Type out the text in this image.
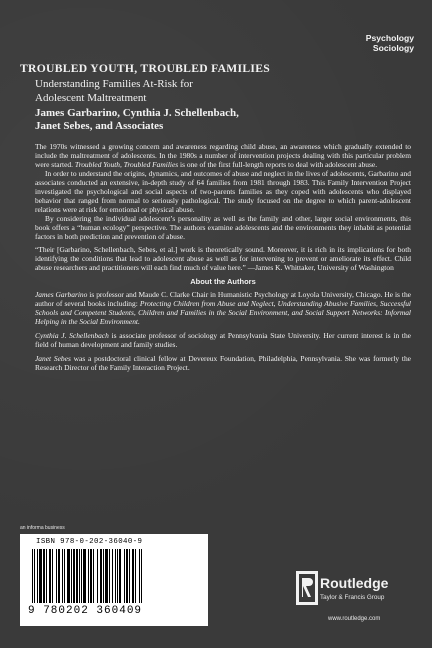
Psychology
Sociology
TROUBLED YOUTH, TROUBLED FAMILIES
Understanding Families At-Risk for
Adolescent Maltreatment
James Garbarino, Cynthia J. Schellenbach,
Janet Sebes, and Associates

The 1970s witnessed a growing concern and awareness regarding child abuse, an awareness which gradually extended to include the maltreatment of adolescents. In the 1980s a number of intervention projects dealing with this particular problem were started. Troubled Youth, Troubled Families is one of the first full-length reports to deal with adolescent abuse.

In order to understand the origins, dynamics, and outcomes of abuse and neglect in the lives of adolescents, Garbarino and associates conducted an extensive, in-depth study of 64 families from 1981 through 1983. This Family Intervention Project investigated the psychological and social aspects of two-parents families as they coped with adolescents who displayed behavior that ranged from normal to seriously pathological. The study focused on the degree to which parent-adolescent relations were at risk for emotional or physical abuse.

By considering the individual adolescent’s personality as well as the family and other, larger social environments, this book offers a “human ecology” perspective. The authors examine adolescents and the environments they inhabit as potential factors in both prediction and prevention of abuse.

“Their [Garbarino, Schellenbach, Sebes, et al.] work is theoretically sound. Moreover, it is rich in its implications for both identifying the conditions that lead to adolescent abuse as well as for intervening to prevent or ameliorate its effect. Child abuse researchers and practitioners will each find much of value here.” —James K. Whittaker, University of Washington

About the Authors

James Garbarino is professor and Maude C. Clarke Chair in Humanistic Psychology at Loyola University, Chicago. He is the author of several books including: Protecting Children from Abuse and Neglect, Understanding Abusive Families, Successful Schools and Competent Students, Children and Families in the Social Environment, and Social Support Networks: Informal Helping in the Social Environment.

Cynthia J. Schellenbach is associate professor of sociology at Pennsylvania State University. Her current interest is in the field of human development and family studies.

Janet Sebes was a postdoctoral clinical fellow at Devereux Foundation, Philadelphia, Pennsylvania. She was formerly the Research Director of the Family Interaction Project.

an informa business
ISBN 978-0-202-36040-9
9 780202 360409
Routledge
Taylor & Francis Group
www.routledge.com
